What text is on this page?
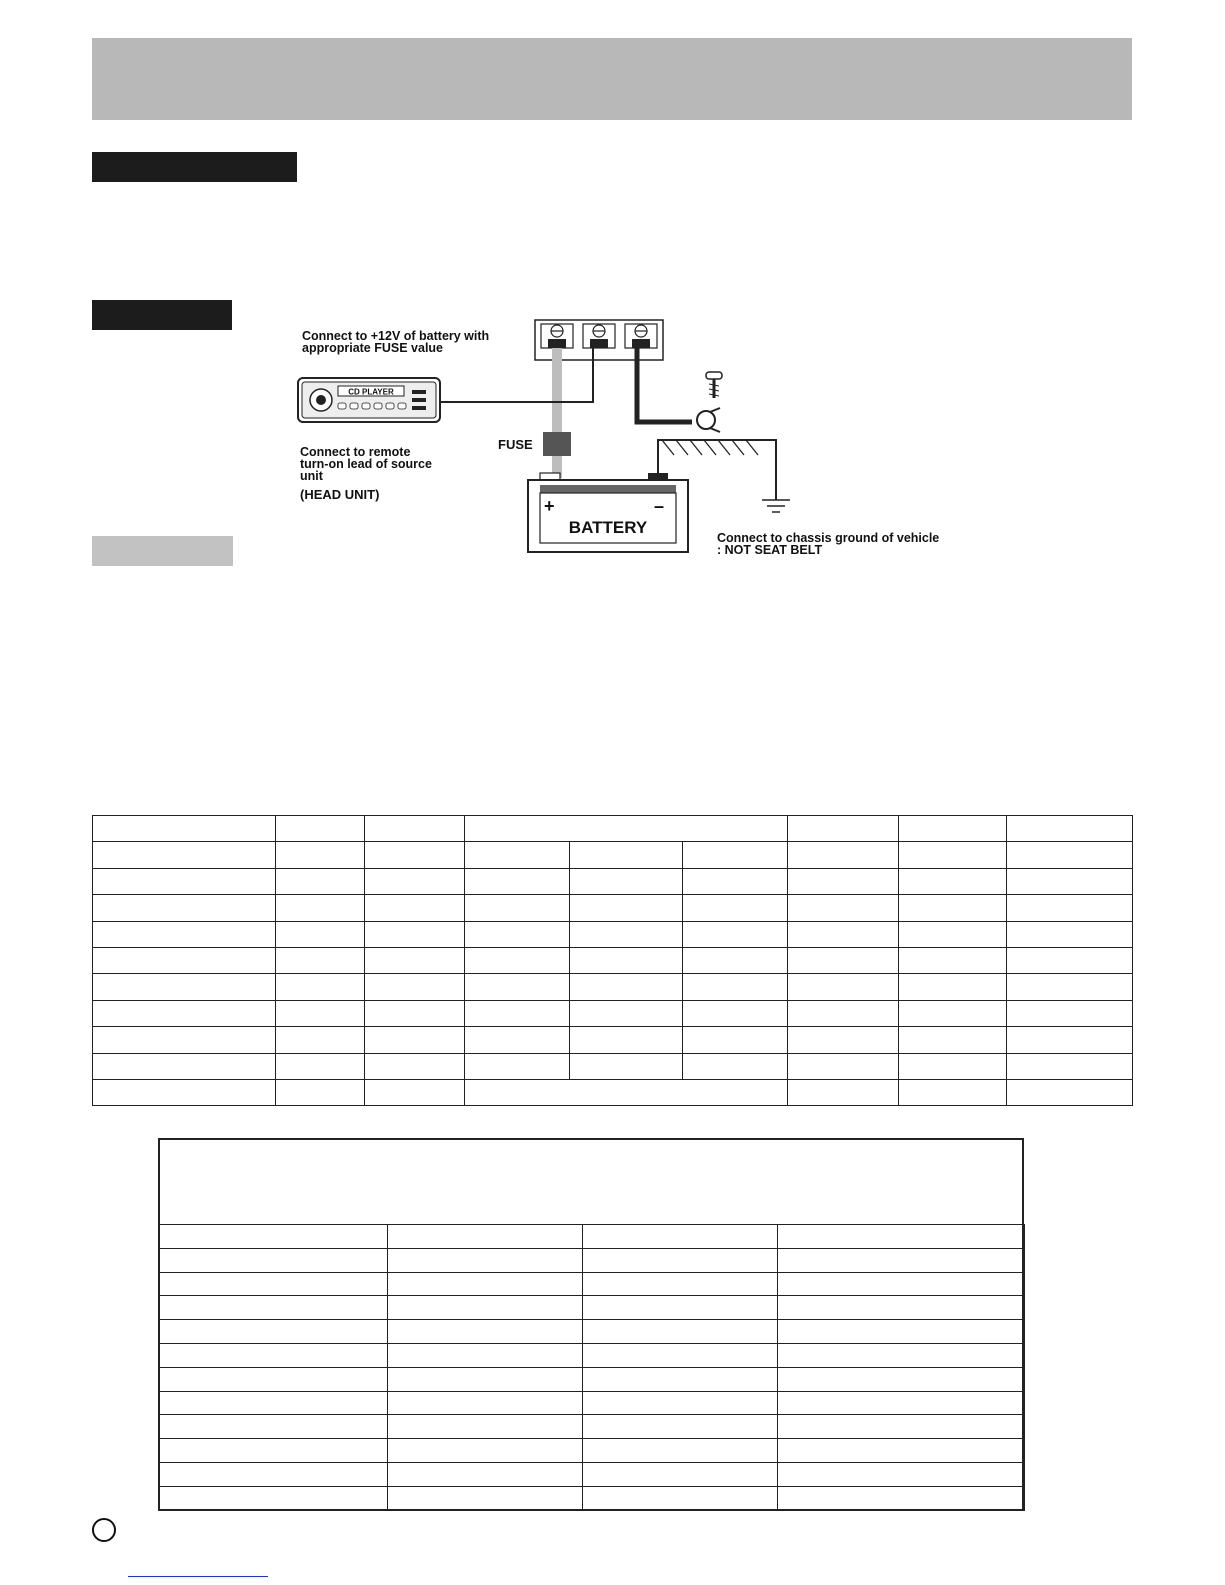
FUSE
+	–
BATTERY
CD PLAYER
Connect to +12V of battery with appropriate FUSE value
Connect to remote turn-on lead of source unit
(HEAD UNIT)
Connect to chassis ground of vehicle : NOT SEAT BELT
